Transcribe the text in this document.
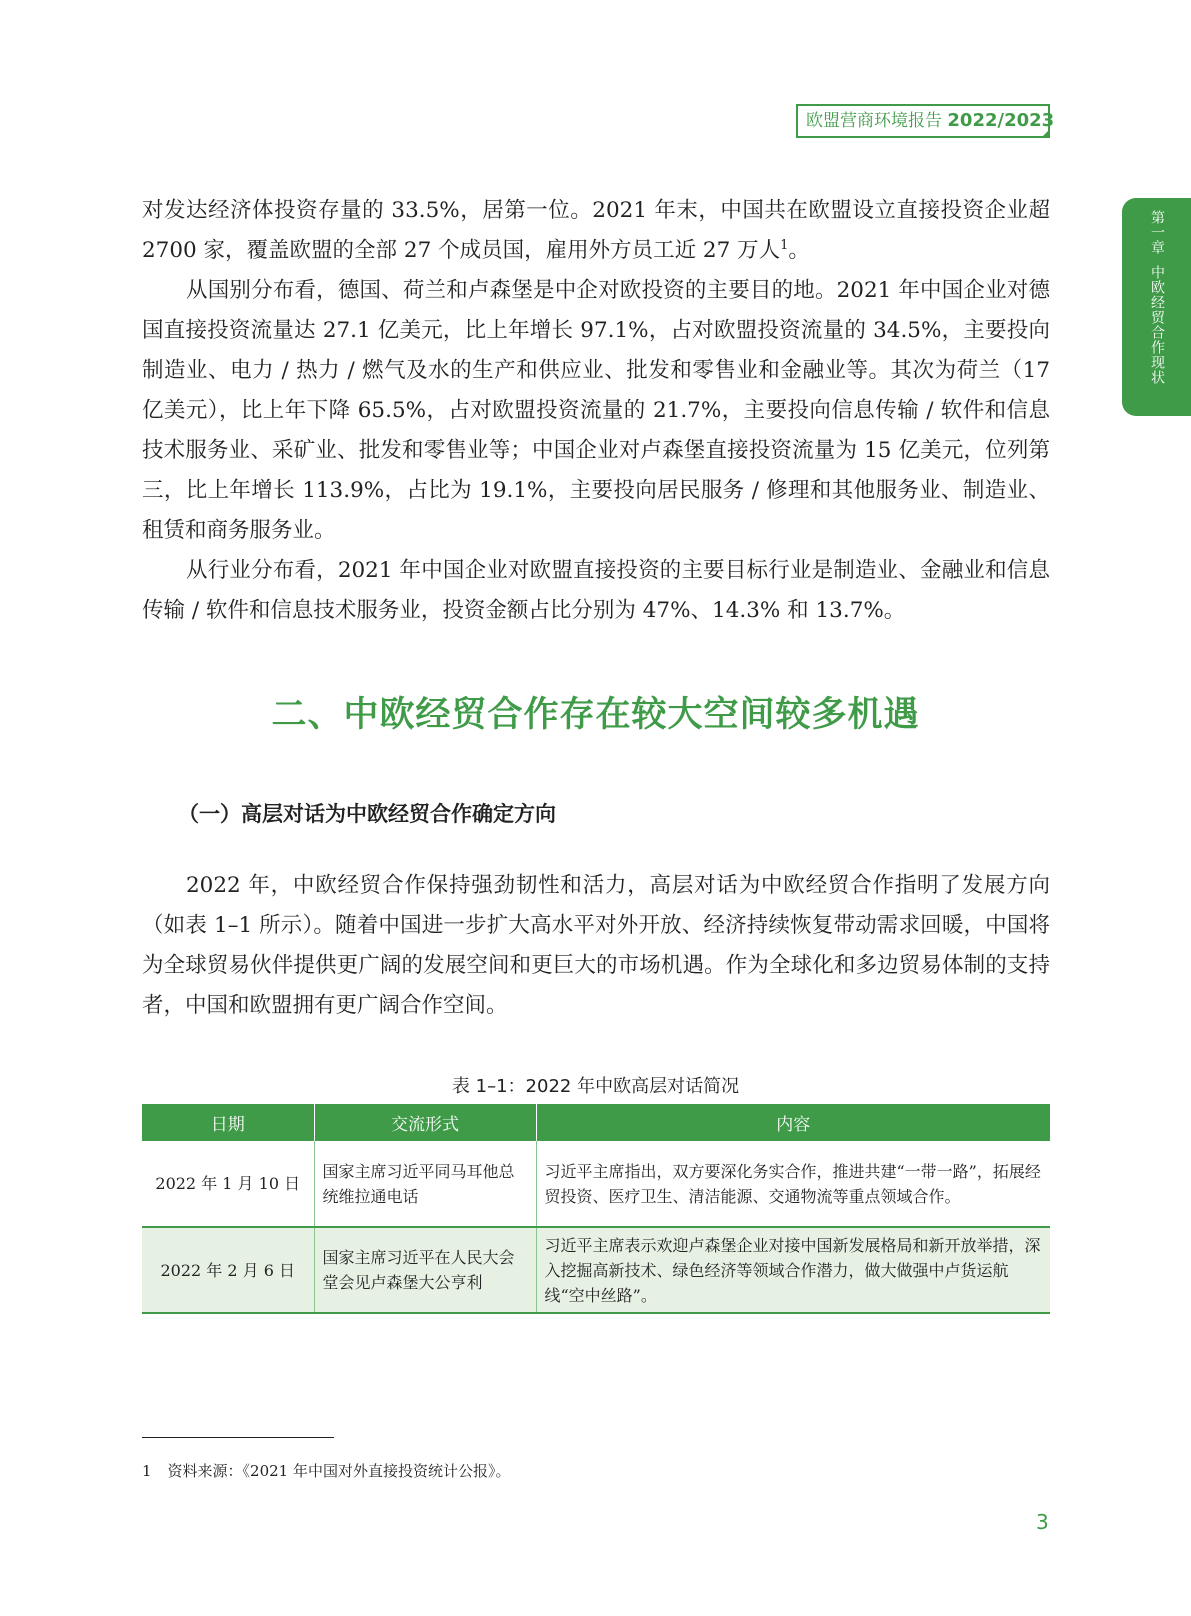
欧盟营商环境报告 2022/2023
第一章
中欧经贸合作现状

对发达经济体投资存量的 33.5%，居第一位。2021 年末，中国共在欧盟设立直接投资企业超 2700 家，覆盖欧盟的全部 27 个成员国，雇用外方员工近 27 万人$^1$。

从国别分布看，德国、荷兰和卢森堡是中企对欧投资的主要目的地。2021 年中国企业对德国直接投资流量达 27.1 亿美元，比上年增长 97.1%，占对欧盟投资流量的 34.5%，主要投向制造业、电力 / 热力 / 燃气及水的生产和供应业、批发和零售业和金融业等。其次为荷兰（17 亿美元），比上年下降 65.5%，占对欧盟投资流量的 21.7%，主要投向信息传输 / 软件和信息技术服务业、采矿业、批发和零售业等；中国企业对卢森堡直接投资流量为 15 亿美元，位列第三，比上年增长 113.9%，占比为 19.1%，主要投向居民服务 / 修理和其他服务业、制造业、租赁和商务服务业。

从行业分布看，2021 年中国企业对欧盟直接投资的主要目标行业是制造业、金融业和信息传输 / 软件和信息技术服务业，投资金额占比分别为 47%、14.3% 和 13.7%。

二、中欧经贸合作存在较大空间较多机遇
（一）高层对话为中欧经贸合作确定方向

2022 年，中欧经贸合作保持强劲韧性和活力，高层对话为中欧经贸合作指明了发展方向（如表 1–1 所示）。随着中国进一步扩大高水平对外开放、经济持续恢复带动需求回暖，中国将为全球贸易伙伴提供更广阔的发展空间和更巨大的市场机遇。作为全球化和多边贸易体制的支持者，中国和欧盟拥有更广阔合作空间。

表 1–1：2022 年中欧高层对话简况
日期	交流形式	内容
2022 年 1 月 10 日	国家主席习近平同马耳他总统维拉通电话	习近平主席指出，双方要深化务实合作，推进共建“一带一路”，拓展经贸投资、医疗卫生、清洁能源、交通物流等重点领域合作。
2022 年 2 月 6 日	国家主席习近平在人民大会堂会见卢森堡大公亨利	习近平主席表示欢迎卢森堡企业对接中国新发展格局和新开放举措，深入挖掘高新技术、绿色经济等领域合作潜力，做大做强中卢货运航线“空中丝路”。
1 资料来源：《2021 年中国对外直接投资统计公报》。
3
